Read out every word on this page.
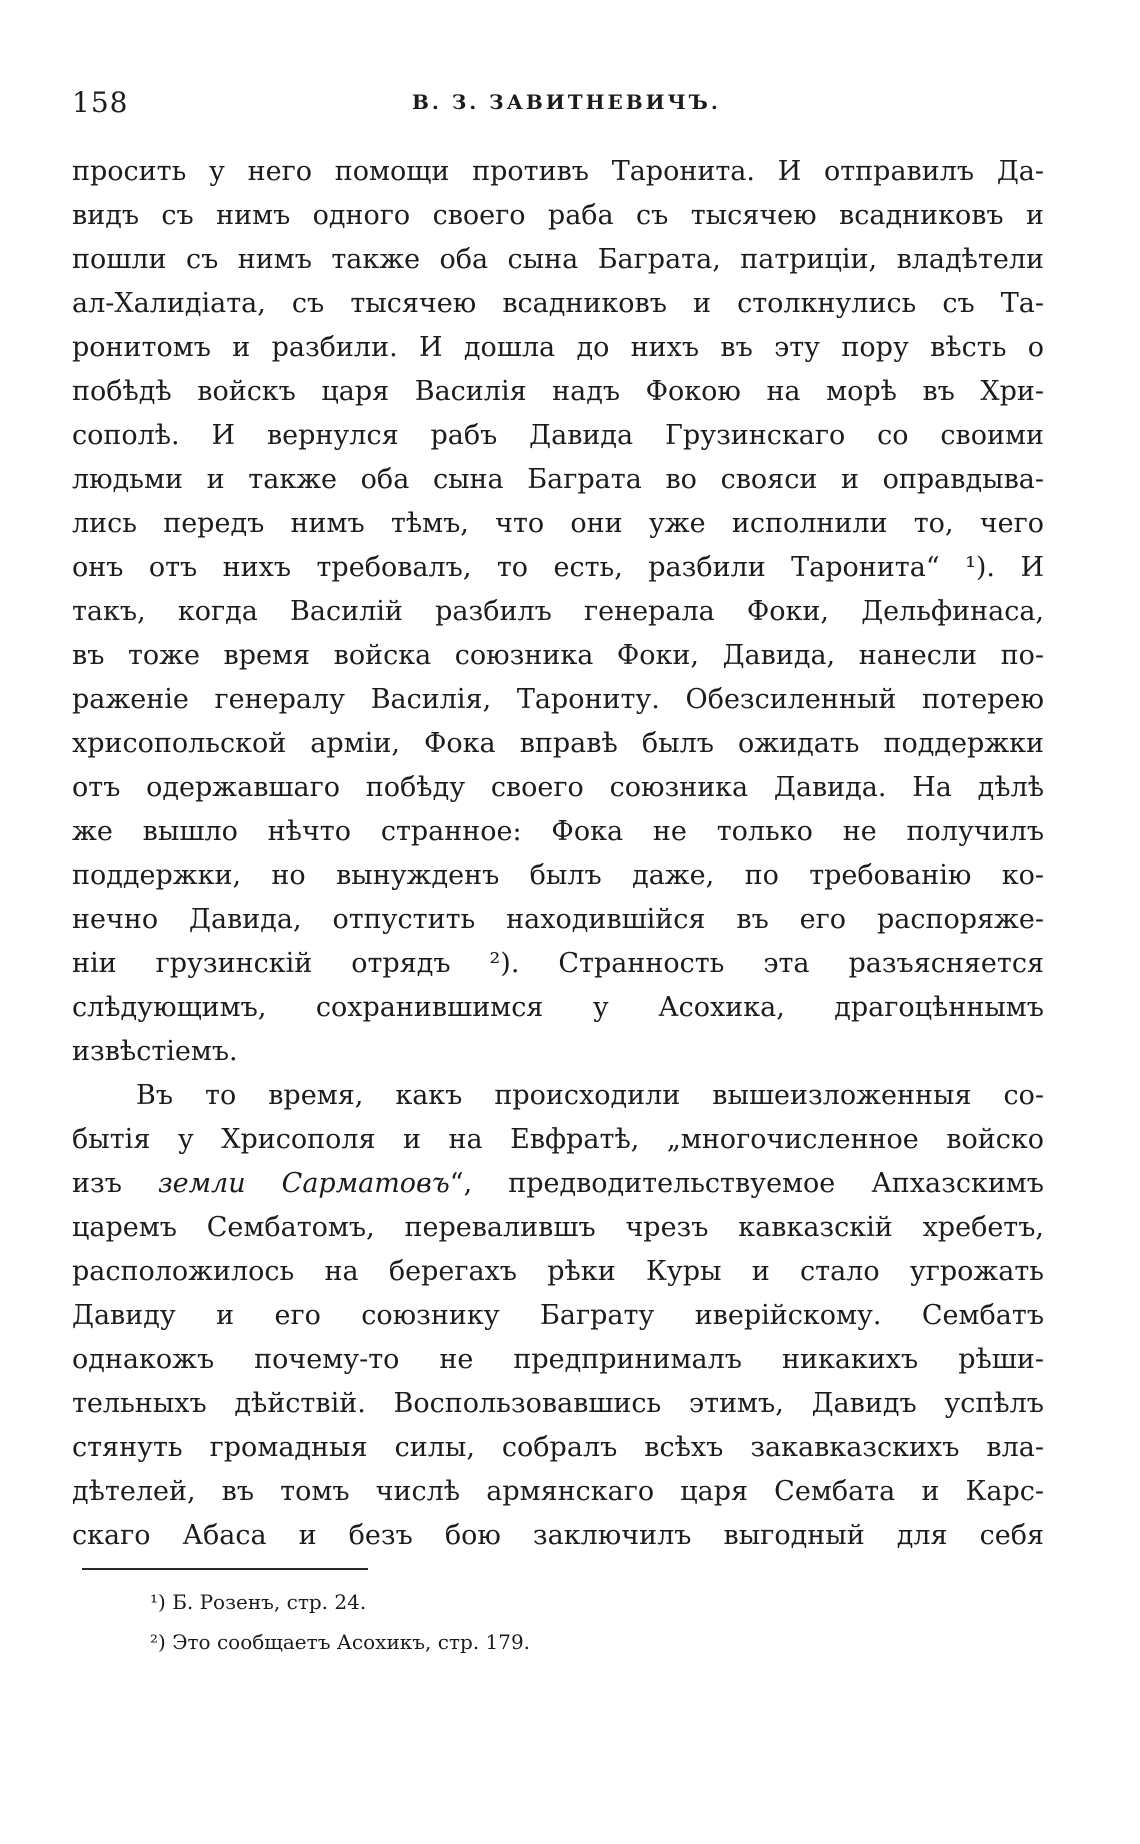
158	В. З. ЗАВИТНЕВИЧЪ.
просить у него помощи противъ Таронита. И отправилъ Да-
видъ съ нимъ одного своего раба съ тысячею всадниковъ и
пошли съ нимъ также оба сына Баграта, патриціи, владѣтели
ал-Халидіата, съ тысячею всадниковъ и столкнулись съ Та-
ронитомъ и разбили. И дошла до нихъ въ эту пору вѣсть о
побѣдѣ войскъ царя Василія надъ Фокою на морѣ въ Хри-
сополѣ. И вернулся рабъ Давида Грузинскаго со своими
людьми и также оба сына Баграта во свояси и оправдыва-
лись передъ нимъ тѣмъ, что они уже исполнили то, чего
онъ отъ нихъ требовалъ, то есть, разбили Таронита“ ¹). И
такъ, когда Василій разбилъ генерала Фоки, Дельфинаса,
въ тоже время войска союзника Фоки, Давида, нанесли по-
раженіе генералу Василія, Тарониту. Обезсиленный потерею
хрисопольской арміи, Фока вправѣ былъ ожидать поддержки
отъ одержавшаго побѣду своего союзника Давида. На дѣлѣ
же вышло нѣчто странное: Фока не только не получилъ
поддержки, но вынужденъ былъ даже, по требованію ко-
нечно Давида, отпустить находившійся въ его распоряже-
ніи грузинскій отрядъ ²). Странность эта разъясняется
слѣдующимъ, сохранившимся у Асохика, драгоцѣннымъ
извѣстіемъ.
Въ то время, какъ происходили вышеизложенныя со-
бытія у Хрисополя и на Евфратѣ, „многочисленное войско
изъ земли Сарматовъ“, предводительствуемое Апхазскимъ
царемъ Сембатомъ, перевалившъ чрезъ кавказскій хребетъ,
расположилось на берегахъ рѣки Куры и стало угрожать
Давиду и его союзнику Баграту иверійскому. Сембатъ
однакожъ почему-то не предпринималъ никакихъ рѣши-
тельныхъ дѣйствій. Воспользовавшись этимъ, Давидъ успѣлъ
стянуть громадныя силы, собралъ всѣхъ закавказскихъ вла-
дѣтелей, въ томъ числѣ армянскаго царя Сембата и Карс-
скаго Абаса и безъ бою заключилъ выгодный для себя
¹) Б. Розенъ, стр. 24.
²) Это сообщаетъ Асохикъ, стр. 179.
